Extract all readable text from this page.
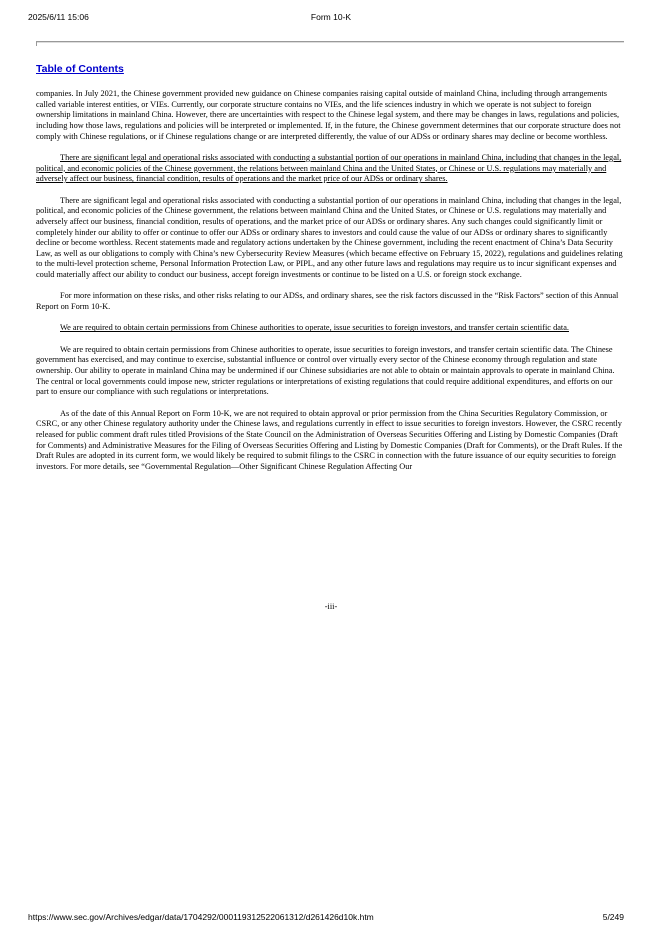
2025/6/11 15:06	Form 10-K
Table of Contents

companies. In July 2021, the Chinese government provided new guidance on Chinese companies raising capital outside of mainland China, including through arrangements called variable interest entities, or VIEs. Currently, our corporate structure contains no VIEs, and the life sciences industry in which we operate is not subject to foreign ownership limitations in mainland China. However, there are uncertainties with respect to the Chinese legal system, and there may be changes in laws, regulations and policies, including how those laws, regulations and policies will be interpreted or implemented. If, in the future, the Chinese government determines that our corporate structure does not comply with Chinese regulations, or if Chinese regulations change or are interpreted differently, the value of our ADSs or ordinary shares may decline or become worthless.

There are significant legal and operational risks associated with conducting a substantial portion of our operations in mainland China, including that changes in the legal, political, and economic policies of the Chinese government, the relations between mainland China and the United States, or Chinese or U.S. regulations may materially and adversely affect our business, financial condition, results of operations and the market price of our ADSs or ordinary shares.

There are significant legal and operational risks associated with conducting a substantial portion of our operations in mainland China, including that changes in the legal, political, and economic policies of the Chinese government, the relations between mainland China and the United States, or Chinese or U.S. regulations may materially and adversely affect our business, financial condition, results of operations, and the market price of our ADSs or ordinary shares. Any such changes could significantly limit or completely hinder our ability to offer or continue to offer our ADSs or ordinary shares to investors and could cause the value of our ADSs or ordinary shares to significantly decline or become worthless. Recent statements made and regulatory actions undertaken by the Chinese government, including the recent enactment of China’s Data Security Law, as well as our obligations to comply with China’s new Cybersecurity Review Measures (which became effective on February 15, 2022), regulations and guidelines relating to the multi-level protection scheme, Personal Information Protection Law, or PIPL, and any other future laws and regulations may require us to incur significant expenses and could materially affect our ability to conduct our business, accept foreign investments or continue to be listed on a U.S. or foreign stock exchange.

For more information on these risks, and other risks relating to our ADSs, and ordinary shares, see the risk factors discussed in the “Risk Factors” section of this Annual Report on Form 10-K.

We are required to obtain certain permissions from Chinese authorities to operate, issue securities to foreign investors, and transfer certain scientific data.

We are required to obtain certain permissions from Chinese authorities to operate, issue securities to foreign investors, and transfer certain scientific data. The Chinese government has exercised, and may continue to exercise, substantial influence or control over virtually every sector of the Chinese economy through regulation and state ownership. Our ability to operate in mainland China may be undermined if our Chinese subsidiaries are not able to obtain or maintain approvals to operate in mainland China. The central or local governments could impose new, stricter regulations or interpretations of existing regulations that could require additional expenditures, and efforts on our part to ensure our compliance with such regulations or interpretations.

As of the date of this Annual Report on Form 10-K, we are not required to obtain approval or prior permission from the China Securities Regulatory Commission, or CSRC, or any other Chinese regulatory authority under the Chinese laws, and regulations currently in effect to issue securities to foreign investors. However, the CSRC recently released for public comment draft rules titled Provisions of the State Council on the Administration of Overseas Securities Offering and Listing by Domestic Companies (Draft for Comments) and Administrative Measures for the Filing of Overseas Securities Offering and Listing by Domestic Companies (Draft for Comments), or the Draft Rules. If the Draft Rules are adopted in its current form, we would likely be required to submit filings to the CSRC in connection with the future issuance of our equity securities to foreign investors. For more details, see “Governmental Regulation—Other Significant Chinese Regulation Affecting Our

-iii-
https://www.sec.gov/Archives/edgar/data/1704292/000119312522061312/d261426d10k.htm	5/249
